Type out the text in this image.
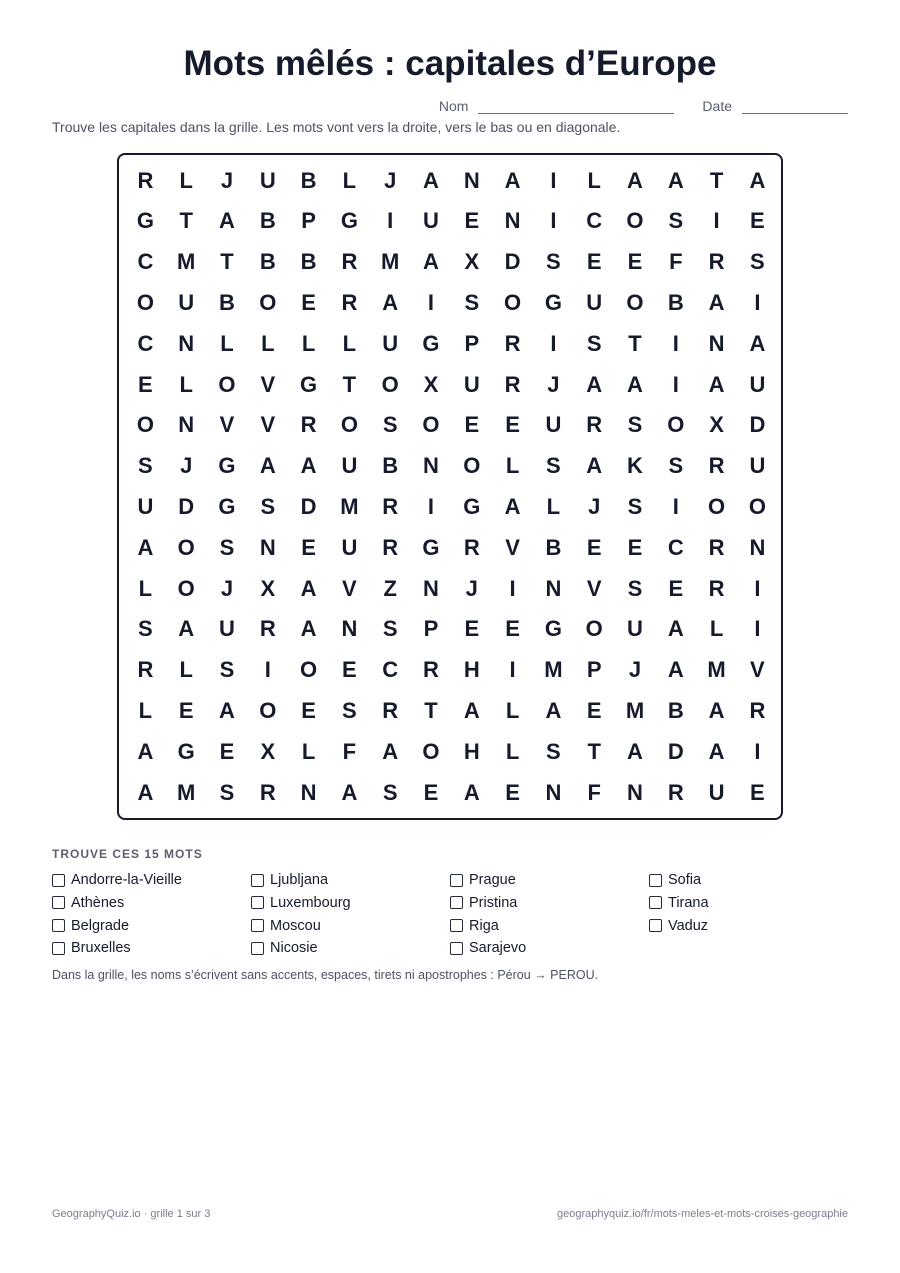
Mots mêlés : capitales d’Europe
Nom	Date
Trouve les capitales dans la grille. Les mots vont vers la droite, vers le bas ou en diagonale.
R	L	J	U	B	L	J	A	N	A	I	L	A	A	T	A
G	T	A	B	P	G	I	U	E	N	I	C	O	S	I	E
C	M	T	B	B	R	M	A	X	D	S	E	E	F	R	S
O	U	B	O	E	R	A	I	S	O	G	U	O	B	A	I
C	N	L	L	L	L	U	G	P	R	I	S	T	I	N	A
E	L	O	V	G	T	O	X	U	R	J	A	A	I	A	U
O	N	V	V	R	O	S	O	E	E	U	R	S	O	X	D
S	J	G	A	A	U	B	N	O	L	S	A	K	S	R	U
U	D	G	S	D	M	R	I	G	A	L	J	S	I	O	O
A	O	S	N	E	U	R	G	R	V	B	E	E	C	R	N
L	O	J	X	A	V	Z	N	J	I	N	V	S	E	R	I
S	A	U	R	A	N	S	P	E	E	G	O	U	A	L	I
R	L	S	I	O	E	C	R	H	I	M	P	J	A	M	V
L	E	A	O	E	S	R	T	A	L	A	E	M	B	A	R
A	G	E	X	L	F	A	O	H	L	S	T	A	D	A	I
A	M	S	R	N	A	S	E	A	E	N	F	N	R	U	E
TROUVE CES 15 MOTS
Andorre-la-Vieille
Athènes
Belgrade
Bruxelles
Ljubljana
Luxembourg
Moscou
Nicosie
Prague
Pristina
Riga
Sarajevo
Sofia
Tirana
Vaduz
Dans la grille, les noms s’écrivent sans accents, espaces, tirets ni apostrophes : Pérou → PEROU.
GeographyQuiz.io · grille 1 sur 3	geographyquiz.io/fr/mots-meles-et-mots-croises-geographie
